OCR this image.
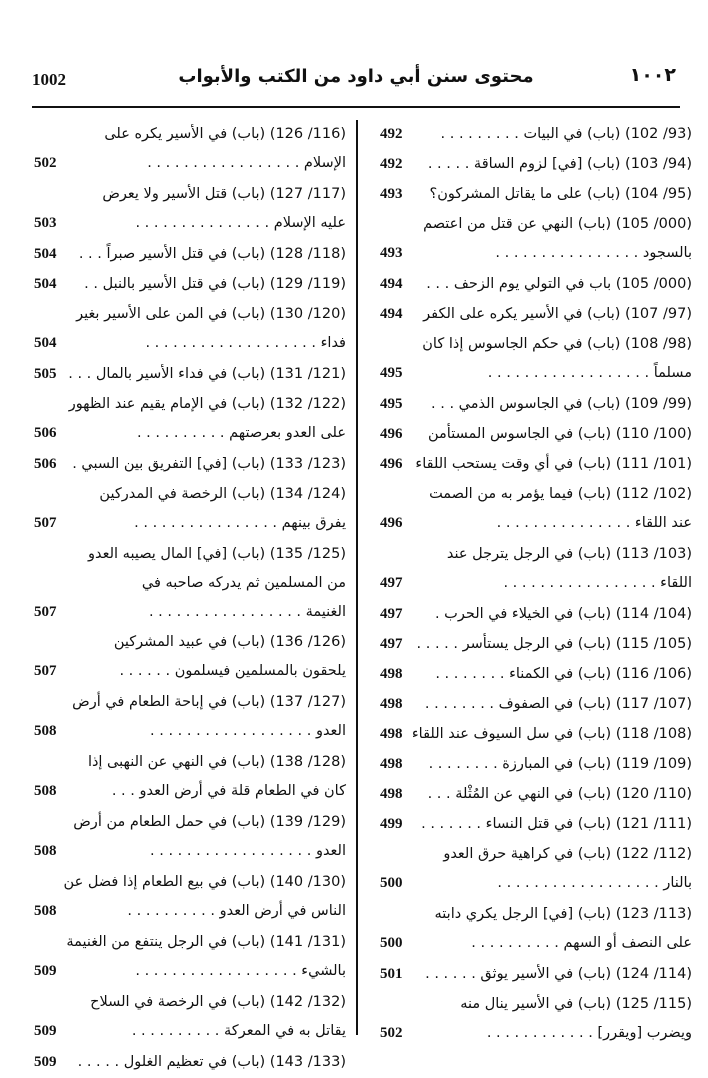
1002	محتوى سنن أبي داود من الكتب والأبواب	١٠٠٢
(93/ 102) (باب) في البيات . . . . . . . . .
492
(94/ 103) (باب) [في] لزوم الساقة . . . . .
492
(95/ 104) (باب) على ما يقاتل المشركون؟
493
(000/ 105) (باب) النهي عن قتل من اعتصم
بالسجود . . . . . . . . . . . . . . . .
493
(000/ 105) باب في التولي يوم الزحف . . .
494
(97/ 107) (باب) في الأسير يكره على الكفر
494
(98/ 108) (باب) في حكم الجاسوس إذا كان
مسلماً . . . . . . . . . . . . . . . . . .
495
(99/ 109) (باب) في الجاسوس الذمي . . .
495
(100/ 110) (باب) في الجاسوس المستأمن
496
(101/ 111) (باب) في أي وقت يستحب اللقاء
496
(102/ 112) (باب) فيما يؤمر به من الصمت
عند اللقاء . . . . . . . . . . . . . . .
496
(103/ 113) (باب) في الرجل يترجل عند
اللقاء . . . . . . . . . . . . . . . . .
497
(104/ 114) (باب) في الخيلاء في الحرب .
497
(105/ 115) (باب) في الرجل يستأسر . . . . .
497
(106/ 116) (باب) في الكمناء . . . . . . . .
498
(107/ 117) (باب) في الصفوف . . . . . . . .
498
(108/ 118) (باب) في سل السيوف عند اللقاء
498
(109/ 119) (باب) في المبارزة . . . . . . . .
498
(110/ 120) (باب) في النهي عن المُثْلة . . .
498
(111/ 121) (باب) في قتل النساء . . . . . . .
499
(112/ 122) (باب) في كراهية حرق العدو
بالنار . . . . . . . . . . . . . . . . . .
500
(113/ 123) (باب) [في] الرجل يكري دابته
على النصف أو السهم . . . . . . . . . .
500
(114/ 124) (باب) في الأسير يوثق . . . . . .
501
(115/ 125) (باب) في الأسير ينال منه
ويضرب [ويقرر] . . . . . . . . . . . .
502
(116/ 126) (باب) في الأسير يكره على
الإسلام . . . . . . . . . . . . . . . . .
502
(117/ 127) (باب) قتل الأسير ولا يعرض
عليه الإسلام . . . . . . . . . . . . . . .
503
(118/ 128) (باب) في قتل الأسير صبراً . . .
504
(119/ 129) (باب) في قتل الأسير بالنبل . .
504
(120/ 130) (باب) في المن على الأسير بغير
فداء . . . . . . . . . . . . . . . . . . .
504
(121/ 131) (باب) في فداء الأسير بالمال . . .
505
(122/ 132) (باب) في الإمام يقيم عند الظهور
على العدو بعرصتهم . . . . . . . . . .
506
(123/ 133) (باب) [في] التفريق بين السبي .
506
(124/ 134) (باب) الرخصة في المدركين
يفرق بينهم . . . . . . . . . . . . . . . .
507
(125/ 135) (باب) [في] المال يصيبه العدو
من المسلمين ثم يدركه صاحبه في
الغنيمة . . . . . . . . . . . . . . . . .
507
(126/ 136) (باب) في عبيد المشركين
يلحقون بالمسلمين فيسلمون . . . . . .
507
(127/ 137) (باب) في إباحة الطعام في أرض
العدو . . . . . . . . . . . . . . . . . .
508
(128/ 138) (باب) في النهي عن النهبى إذا
كان في الطعام قلة في أرض العدو . . .
508
(129/ 139) (باب) في حمل الطعام من أرض
العدو . . . . . . . . . . . . . . . . . .
508
(130/ 140) (باب) في بيع الطعام إذا فضل عن
الناس في أرض العدو . . . . . . . . . .
508
(131/ 141) (باب) في الرجل ينتفع من الغنيمة
بالشيء . . . . . . . . . . . . . . . . . .
509
(132/ 142) (باب) في الرخصة في السلاح
يقاتل به في المعركة . . . . . . . . . .
509
(133/ 143) (باب) في تعظيم الغلول . . . . .
509
